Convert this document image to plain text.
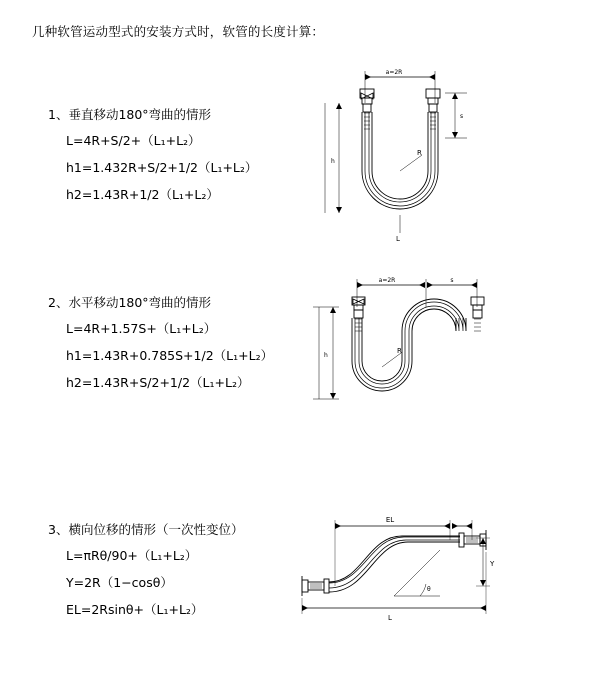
几种软管运动型式的安装方式时，软管的长度计算：
1、垂直移动180°弯曲的情形
L=4R+S/2+（L₁+L₂）
h1=1.432R+S/2+1/2（L₁+L₂）
h2=1.43R+1/2（L₁+L₂）
a=2R
R
L
h
s
2、水平移动180°弯曲的情形
L=4R+1.57S+（L₁+L₂）
h1=1.43R+0.785S+1/2（L₁+L₂）
h2=1.43R+S/2+1/2（L₁+L₂）
a=2R	s
R
h
3、横向位移的情形（一次性变位）
L=πRθ/90+（L₁+L₂）
Y=2R（1−cosθ）
EL=2Rsinθ+（L₁+L₂）
EL
Y
L
θ
